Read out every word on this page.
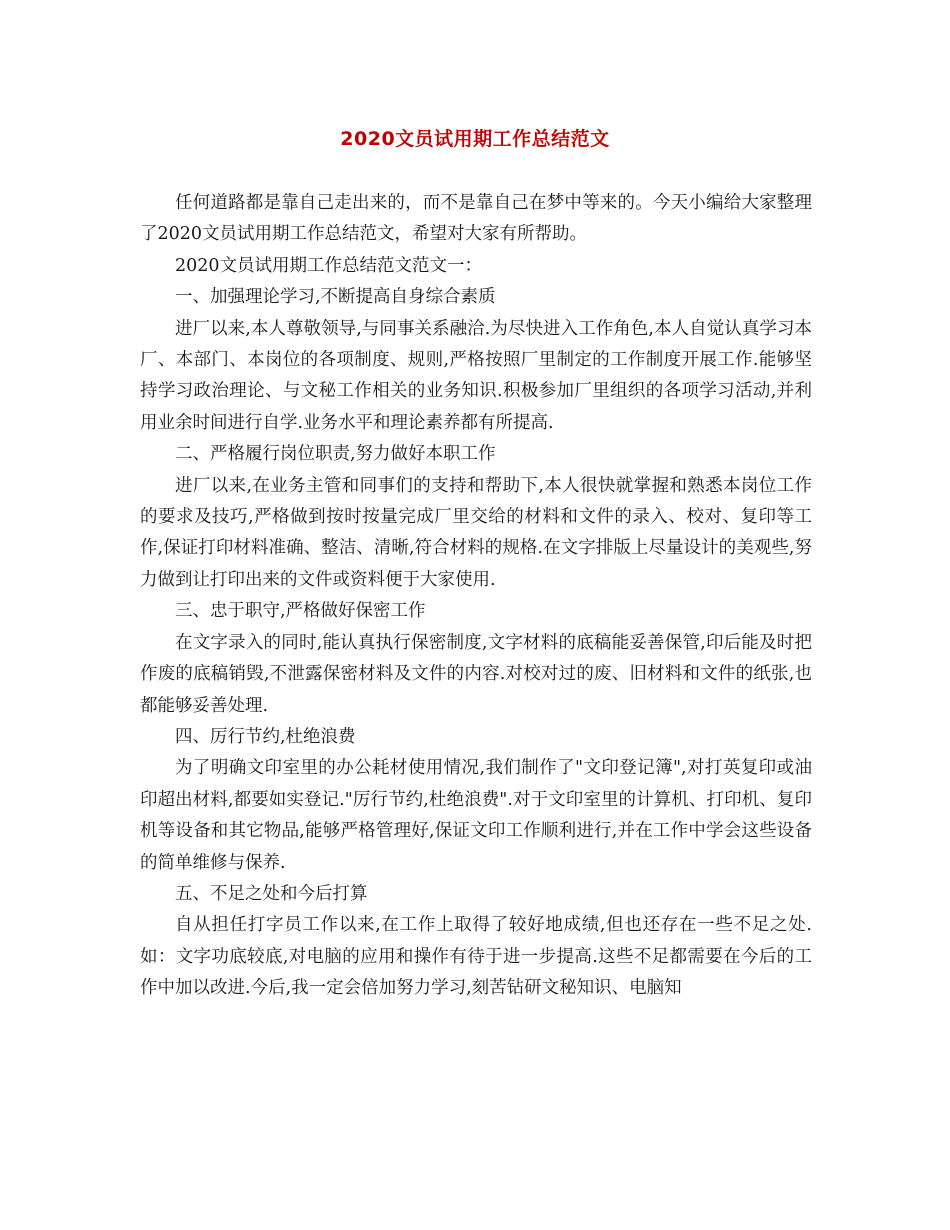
2020文员试用期工作总结范文

任何道路都是靠自己走出来的，而不是靠自己在梦中等来的。今天小编给大家整理了2020文员试用期工作总结范文，希望对大家有所帮助。

2020文员试用期工作总结范文范文一：

一、加强理论学习,不断提高自身综合素质

进厂以来,本人尊敬领导,与同事关系融洽.为尽快进入工作角色,本人自觉认真学习本厂、本部门、本岗位的各项制度、规则,严格按照厂里制定的工作制度开展工作.能够坚持学习政治理论、与文秘工作相关的业务知识.积极参加厂里组织的各项学习活动,并利用业余时间进行自学.业务水平和理论素养都有所提高.

二、严格履行岗位职责,努力做好本职工作

进厂以来,在业务主管和同事们的支持和帮助下,本人很快就掌握和熟悉本岗位工作的要求及技巧,严格做到按时按量完成厂里交给的材料和文件的录入、校对、复印等工作,保证打印材料准确、整洁、清晰,符合材料的规格.在文字排版上尽量设计的美观些,努力做到让打印出来的文件或资料便于大家使用.

三、忠于职守,严格做好保密工作

在文字录入的同时,能认真执行保密制度,文字材料的底稿能妥善保管,印后能及时把作废的底稿销毁,不泄露保密材料及文件的内容.对校对过的废、旧材料和文件的纸张,也都能够妥善处理.

四、厉行节约,杜绝浪费

为了明确文印室里的办公耗材使用情况,我们制作了"文印登记簿",对打英复印或油印超出材料,都要如实登记."厉行节约,杜绝浪费".对于文印室里的计算机、打印机、复印机等设备和其它物品,能够严格管理好,保证文印工作顺利进行,并在工作中学会这些设备的简单维修与保养.

五、不足之处和今后打算

自从担任打字员工作以来,在工作上取得了较好地成绩,但也还存在一些不足之处.如：文字功底较底,对电脑的应用和操作有待于进一步提高.这些不足都需要在今后的工作中加以改进.今后,我一定会倍加努力学习,刻苦钻研文秘知识、电脑知
